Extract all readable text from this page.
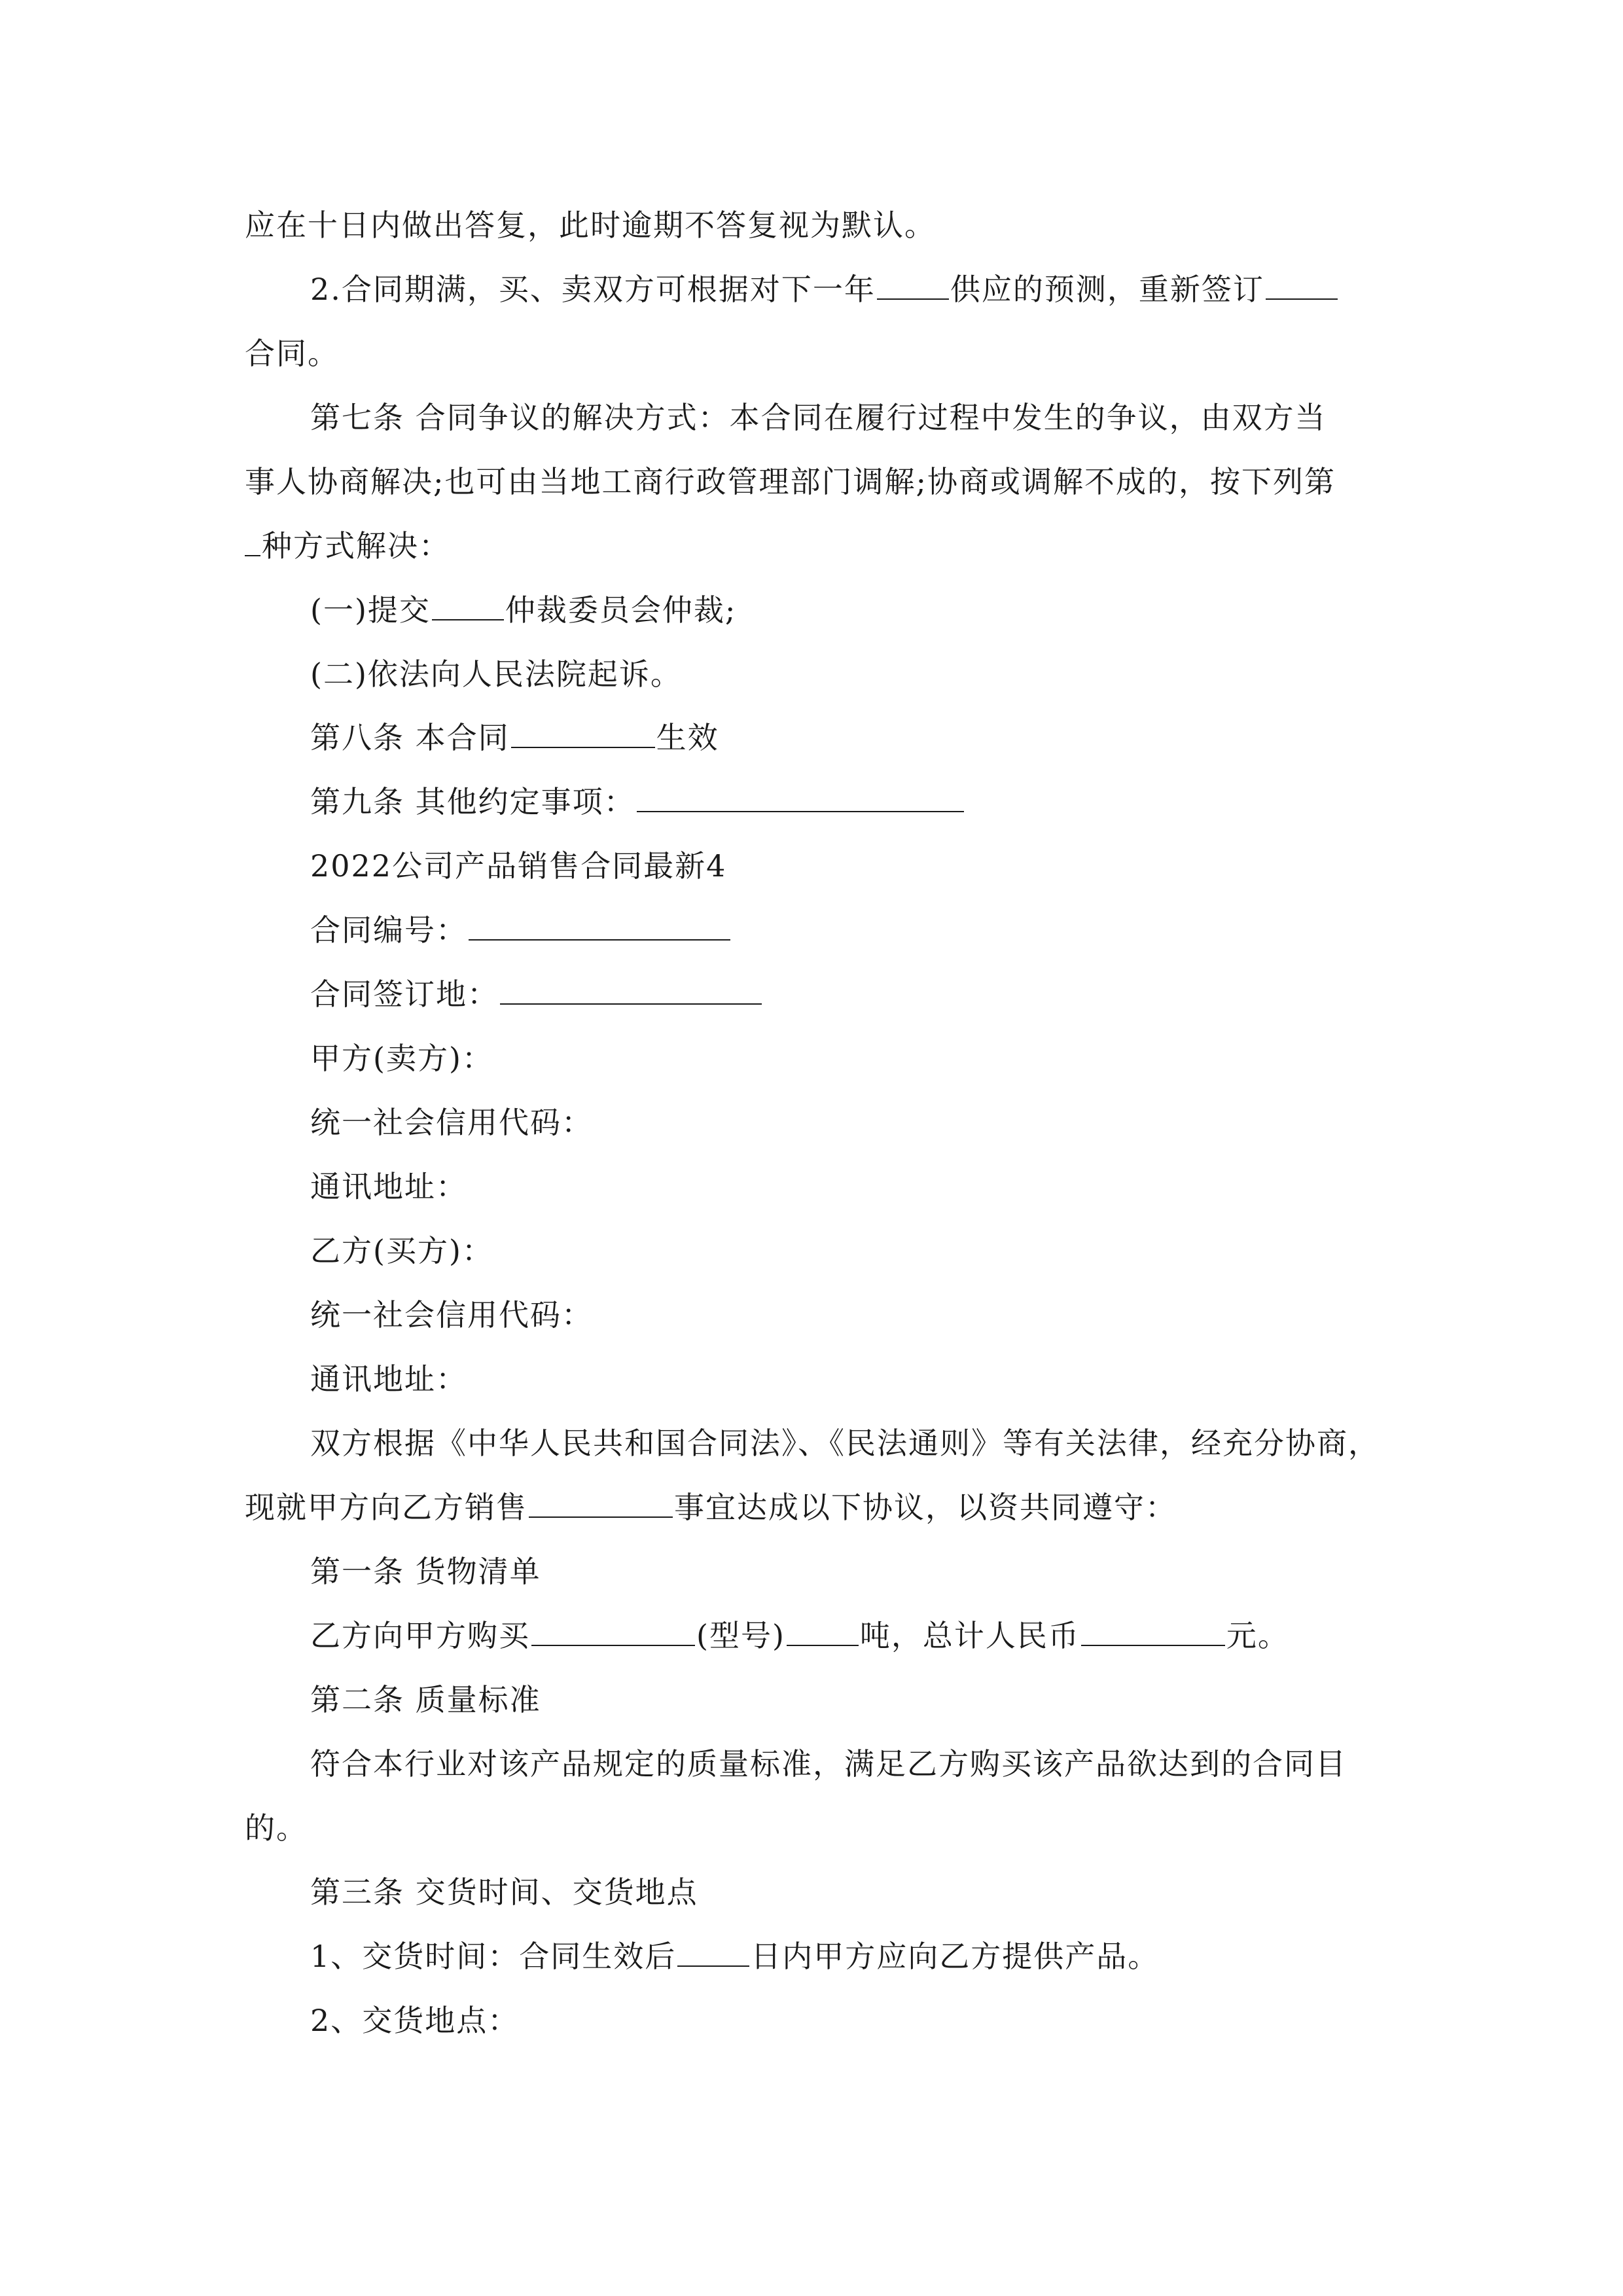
应在十日内做出答复，此时逾期不答复视为默认。
2.合同期满，买、卖双方可根据对下一年 供应的预测，重新签订
合同。
第七条 合同争议的解决方式：本合同在履行过程中发生的争议，由双方当
事人协商解决;也可由当地工商行政管理部门调解;协商或调解不成的，按下列第
种方式解决：
(一)提交 仲裁委员会仲裁;
(二)依法向人民法院起诉。
第八条 本合同	生效
第九条 其他约定事项：
2022公司产品销售合同最新4
合同编号：
合同签订地：
甲方(卖方)：
统一社会信用代码：
通讯地址：
乙方(买方)：
统一社会信用代码：
通讯地址：
双方根据《中华人民共和国合同法》、《民法通则》等有关法律，经充分协商，
现就甲方向乙方销售	事宜达成以下协议，以资共同遵守：
第一条 货物清单
乙方向甲方购买	(型号) 吨，总计人民币	元。
第二条 质量标准
符合本行业对该产品规定的质量标准，满足乙方购买该产品欲达到的合同目
的。
第三条 交货时间、交货地点
1、交货时间：合同生效后 日内甲方应向乙方提供产品。
2、交货地点：
